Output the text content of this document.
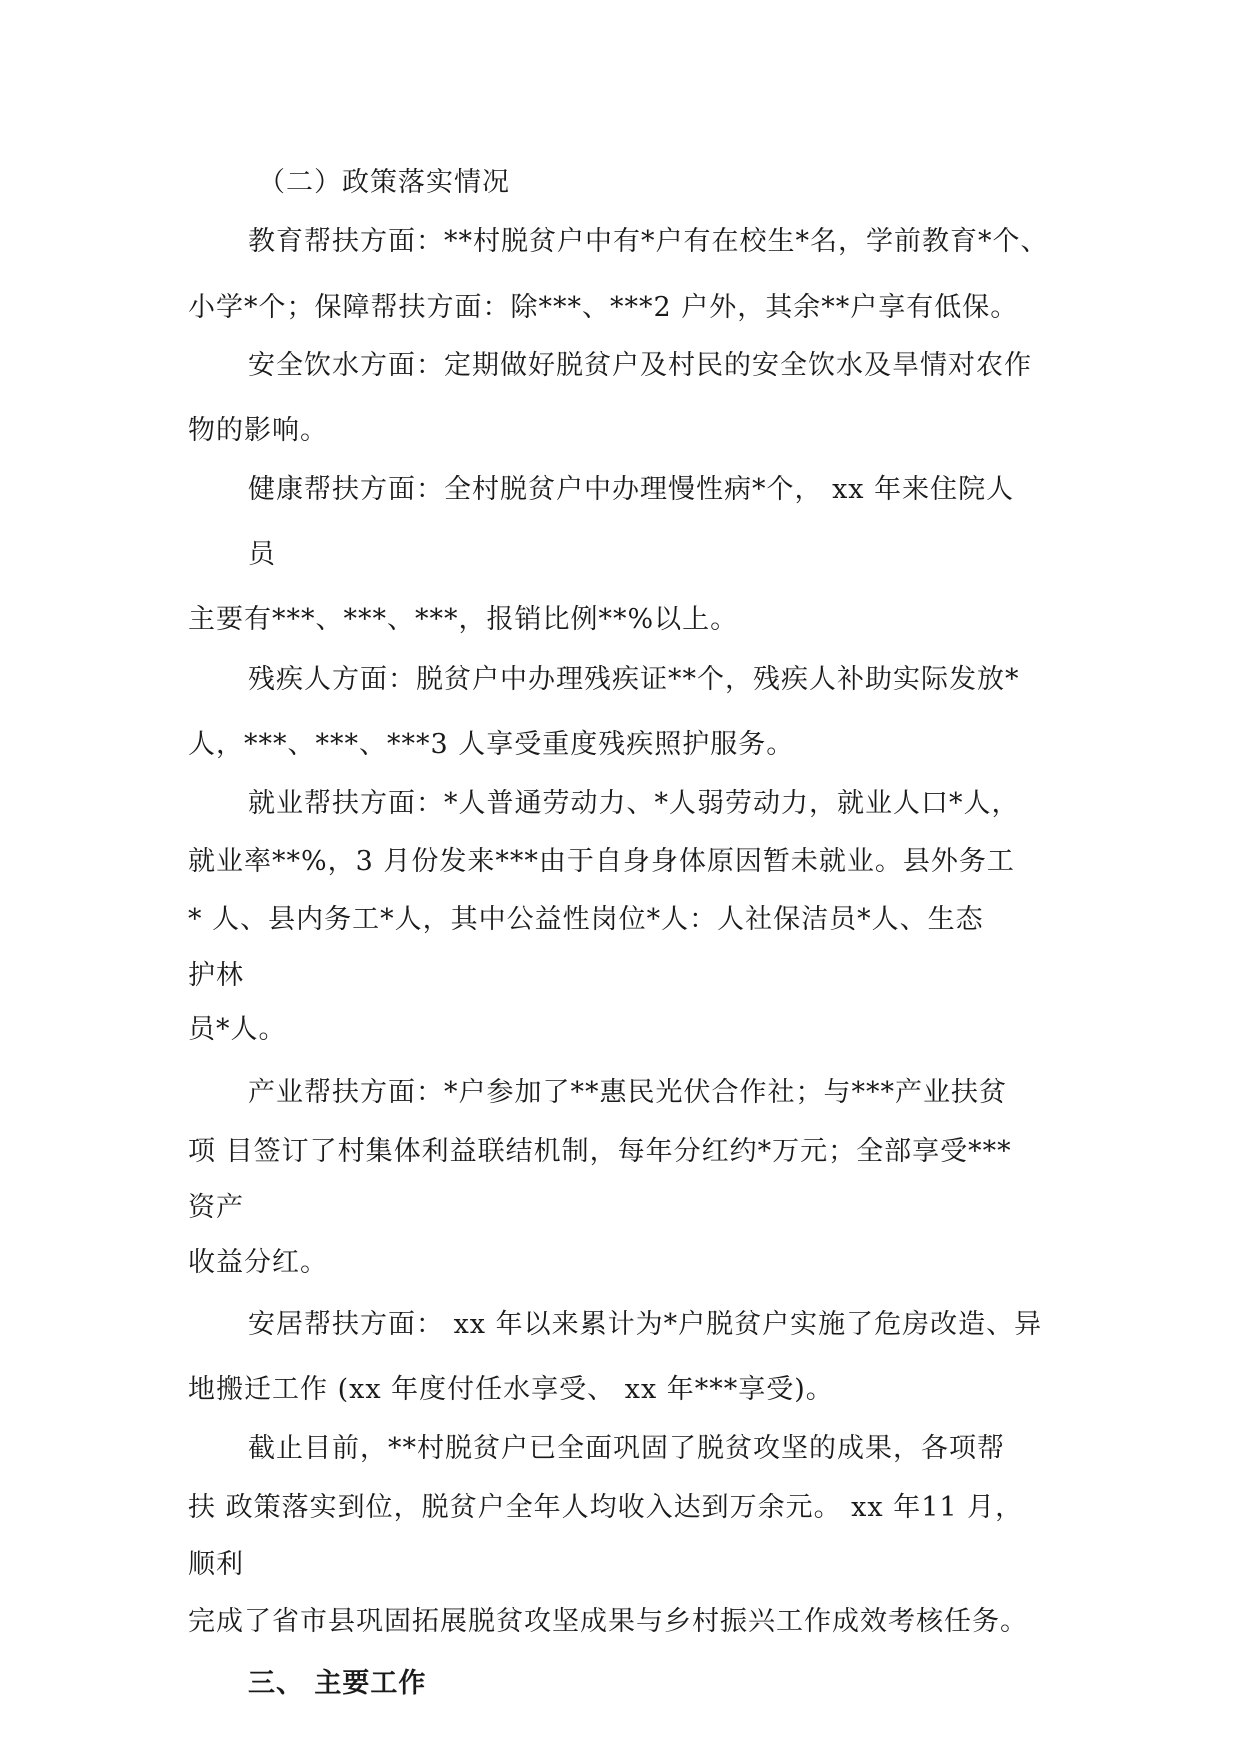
（二）政策落实情况
教育帮扶方面：**村脱贫户中有*户有在校生*名，学前教育*个、
小学*个；保障帮扶方面：除***、***2 户外，其余**户享有低保。
安全饮水方面：定期做好脱贫户及村民的安全饮水及旱情对农作
物的影响。
健康帮扶方面：全村脱贫户中办理慢性病*个， xx 年来住院人
员
主要有***、***、***，报销比例**%以上。
残疾人方面：脱贫户中办理残疾证**个，残疾人补助实际发放*
人，***、***、***3 人享受重度残疾照护服务。
就业帮扶方面：*人普通劳动力、*人弱劳动力，就业人口*人，
就业率**%，3 月份发来***由于自身身体原因暂未就业。县外务工
* 人、县内务工*人，其中公益性岗位*人：人社保洁员*人、生态
护林
员*人。
产业帮扶方面：*户参加了**惠民光伏合作社；与***产业扶贫
项 目签订了村集体利益联结机制，每年分红约*万元；全部享受***
资产
收益分红。
安居帮扶方面： xx 年以来累计为*户脱贫户实施了危房改造、异
地搬迁工作 (xx 年度付任水享受、 xx 年***享受)。
截止目前，**村脱贫户已全面巩固了脱贫攻坚的成果，各项帮
扶 政策落实到位，脱贫户全年人均收入达到万余元。 xx 年11 月，
顺利
完成了省市县巩固拓展脱贫攻坚成果与乡村振兴工作成效考核任务。
三、 主要工作
